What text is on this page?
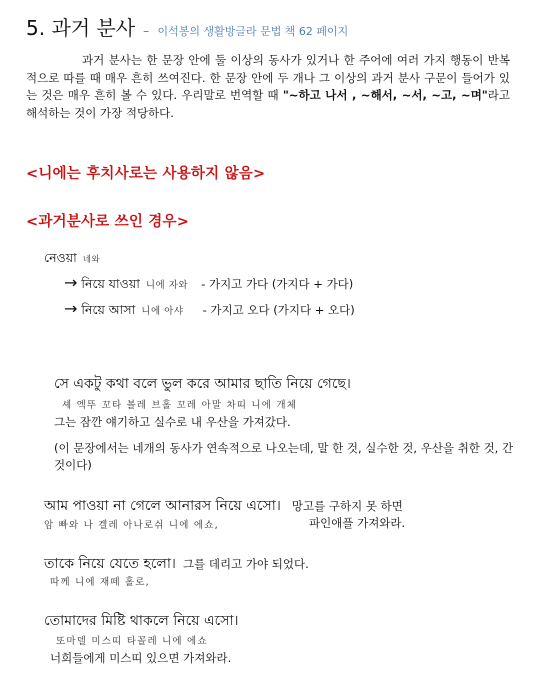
5. 과거 분사 – 이석봉의 생활방글라 문법 책 62 페이지
과거 분사는 한 문장 안에 둘 이상의 동사가 있거나 한 주어에 여러 가지 행동이 반복적으로 따를 때 매우 흔히 쓰여진다. 한 문장 안에 두 개나 그 이상의 과거 분사 구문이 들어가 있는 것은 매우 흔히 볼 수 있다. 우리말로 번역할 때 "~하고 나서 , ~해서, ~서, ~고, ~며"라고 해석하는 것이 가장 적당하다.
<니에는 후치사로는 사용하지 않음>
<과거분사로 쓰인 경우>
নেওয়া 네와
→ নিয়ে যাওয়া 니에 자와 - 가지고 가다 (가지다 + 가다)
→ নিয়ে আসা 니에 아샤 - 가지고 오다 (가지다 + 오다)
সে একটু কথা বলে ভুল করে আমার ছাতি নিয়ে গেছে।
셰 엑뚜 꼬타 볼레 브홀 꼬레 아말 차띠 니에 개체
그는 잠깐 얘기하고 실수로 내 우산을 가져갔다.
(이 문장에서는 네개의 동사가 연속적으로 나오는데, 말 한 것, 실수한 것, 우산을 취한 것, 간 것이다)
আম পাওয়া না গেলে আনারস নিয়ে এসো। 망고를 구하지 못 하면
암 빠와 나 겔레 아나로쉬 니에 에쇼,	파인애플 가져와라.
তাকে নিয়ে যেতে হলো। 그를 데리고 가야 되었다.
따께 니에 재떼 홀로,
তোমাদের মিষ্টি থাকলে নিয়ে এসো।
또마델 미스띠 타꼴레 니에 에쇼
너희들에게 미스띠 있으면 가져와라.
